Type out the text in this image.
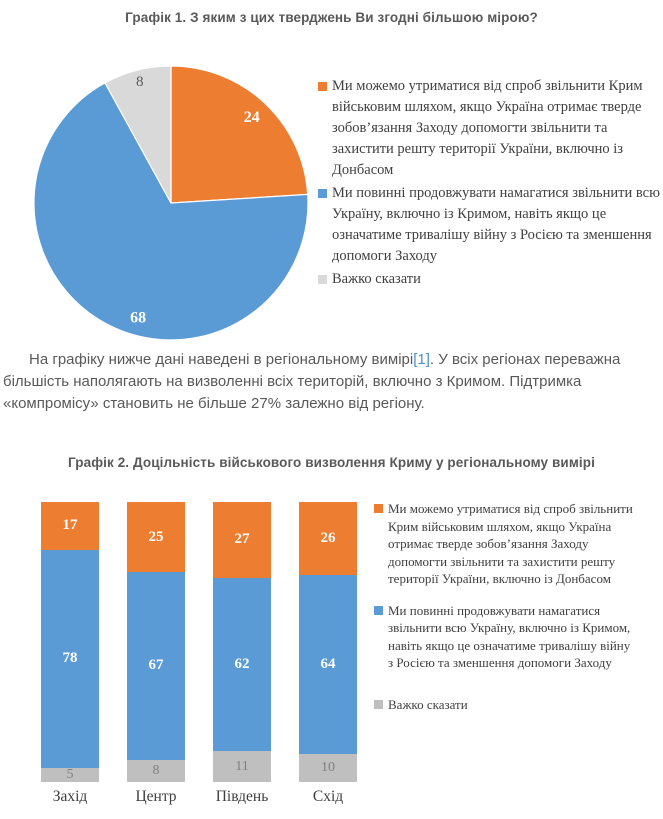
Графік 1. З яким з цих тверджень Ви згодні більшою мірою?
24
68
8	Ми можемо утриматися від спроб звільнити Крим військовим шляхом, якщо Україна отримає тверде зобов’язання Заходу допомогти звільнити та захистити решту території України, включно із Донбасом
Ми повинні продовжувати намагатися звільнити всю Україну, включно із Кримом, навіть якщо це означатиме тривалішу війну з Росією та зменшення допомоги Заходу
Важко сказати

На графіку нижче дані наведені в регіональному вимірі[1]. У всіх регіонах переважна більшість наполягають на визволенні всіх територій, включно з Кримом. Підтримка «компромісу» становить не більше 27% залежно від регіону.

Графік 2. Доцільність військового визволення Криму у регіональному вимірі
5
78
17
Захід
8
67
25
Центр
11
62
27
Південь
10
64
26
Схід
Ми можемо утриматися від спроб звільнити Крим військовим шляхом, якщо Україна отримає тверде зобов’язання Заходу допомогти звільнити та захистити решту території України, включно із Донбасом
Ми повинні продовжувати намагатися звільнити всю Україну, включно із Кримом, навіть якщо це означатиме тривалішу війну з Росією та зменшення допомоги Заходу
Важко сказати
